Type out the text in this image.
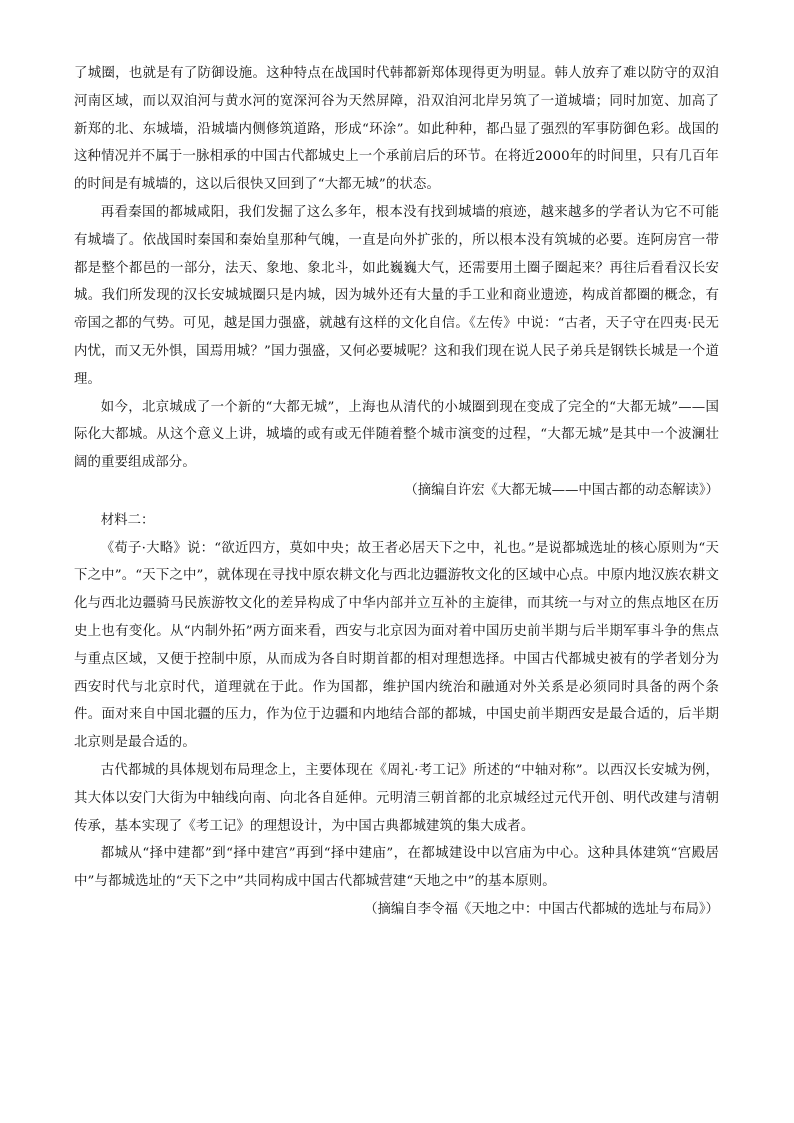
了城圈，也就是有了防御设施。这种特点在战国时代韩都新郑体现得更为明显。韩人放弃了难以防守的双洎河南区域，而以双洎河与黄水河的宽深河谷为天然屏障，沿双洎河北岸另筑了一道城墙；同时加宽、加高了新郑的北、东城墙，沿城墙内侧修筑道路，形成“环涂”。如此种种，都凸显了强烈的军事防御色彩。战国的这种情况并不属于一脉相承的中国古代都城史上一个承前启后的环节。在将近2000年的时间里，只有几百年的时间是有城墙的，这以后很快又回到了“大都无城”的状态。

再看秦国的都城咸阳，我们发掘了这么多年，根本没有找到城墙的痕迹，越来越多的学者认为它不可能有城墙了。依战国时秦国和秦始皇那种气魄，一直是向外扩张的，所以根本没有筑城的必要。连阿房宫一带都是整个都邑的一部分，法天、象地、象北斗，如此巍巍大气，还需要用土圈子圈起来？再往后看看汉长安城。我们所发现的汉长安城城圈只是内城，因为城外还有大量的手工业和商业遗迹，构成首都圈的概念，有帝国之都的气势。可见，越是国力强盛，就越有这样的文化自信。《左传》中说：“古者，天子守在四夷·民无内忧，而又无外惧，国焉用城？”国力强盛，又何必要城呢？这和我们现在说人民子弟兵是钢铁长城是一个道理。

如今，北京城成了一个新的“大都无城”，上海也从清代的小城圈到现在变成了完全的“大都无城”——国际化大都城。从这个意义上讲，城墙的或有或无伴随着整个城市演变的过程，“大都无城”是其中一个波澜壮阔的重要组成部分。

（摘编自许宏《大都无城——中国古都的动态解读》）

材料二：

《荀子·大略》说：“欲近四方，莫如中央；故王者必居天下之中，礼也。”是说都城选址的核心原则为“天下之中”。“天下之中”，就体现在寻找中原农耕文化与西北边疆游牧文化的区域中心点。中原内地汉族农耕文化与西北边疆骑马民族游牧文化的差异构成了中华内部并立互补的主旋律，而其统一与对立的焦点地区在历史上也有变化。从“内制外拓”两方面来看，西安与北京因为面对着中国历史前半期与后半期军事斗争的焦点与重点区域，又便于控制中原，从而成为各自时期首都的相对理想选择。中国古代都城史被有的学者划分为西安时代与北京时代，道理就在于此。作为国都，维护国内统治和融通对外关系是必须同时具备的两个条件。面对来自中国北疆的压力，作为位于边疆和内地结合部的都城，中国史前半期西安是最合适的，后半期北京则是最合适的。

古代都城的具体规划布局理念上，主要体现在《周礼·考工记》所述的“中轴对称”。以西汉长安城为例，其大体以安门大街为中轴线向南、向北各自延伸。元明清三朝首都的北京城经过元代开创、明代改建与清朝传承，基本实现了《考工记》的理想设计，为中国古典都城建筑的集大成者。

都城从“择中建都”到“择中建宫”再到“择中建庙”，在都城建设中以宫庙为中心。这种具体建筑“宫殿居中”与都城选址的“天下之中”共同构成中国古代都城营建“天地之中”的基本原则。

（摘编自李令福《天地之中：中国古代都城的选址与布局》）
